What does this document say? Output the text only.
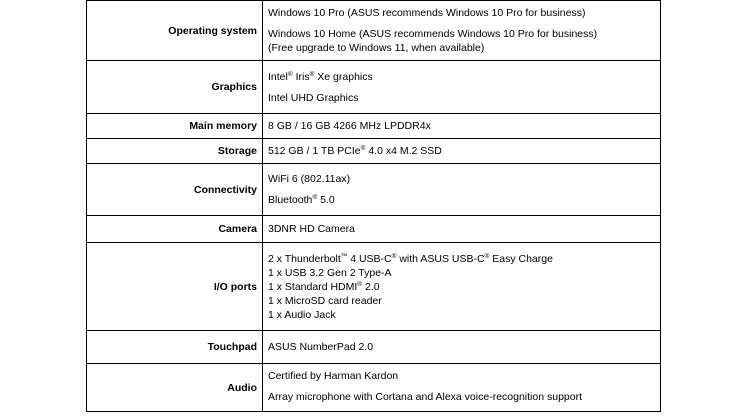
Operating system	Windows 10 Pro (ASUS recommends Windows 10 Pro for business)

Windows 10 Home (ASUS recommends Windows 10 Pro for business)
(Free upgrade to Windows 11, when available)

Graphics	Intel® Iris® Xe graphics

Intel UHD Graphics

Main memory	8 GB / 16 GB 4266 MHz LPDDR4x
Storage	512 GB / 1 TB PCIe® 4.0 x4 M.2 SSD
Connectivity	WiFi 6 (802.11ax)

Bluetooth® 5.0

Camera	3DNR HD Camera
I/O ports	2 x Thunderbolt™ 4 USB-C® with ASUS USB-C® Easy Charge
1 x USB 3.2 Gen 2 Type-A
1 x Standard HDMI® 2.0
1 x MicroSD card reader
1 x Audio Jack

Touchpad	ASUS NumberPad 2.0
Audio	Certified by Harman Kardon

Array microphone with Cortana and Alexa voice-recognition support
